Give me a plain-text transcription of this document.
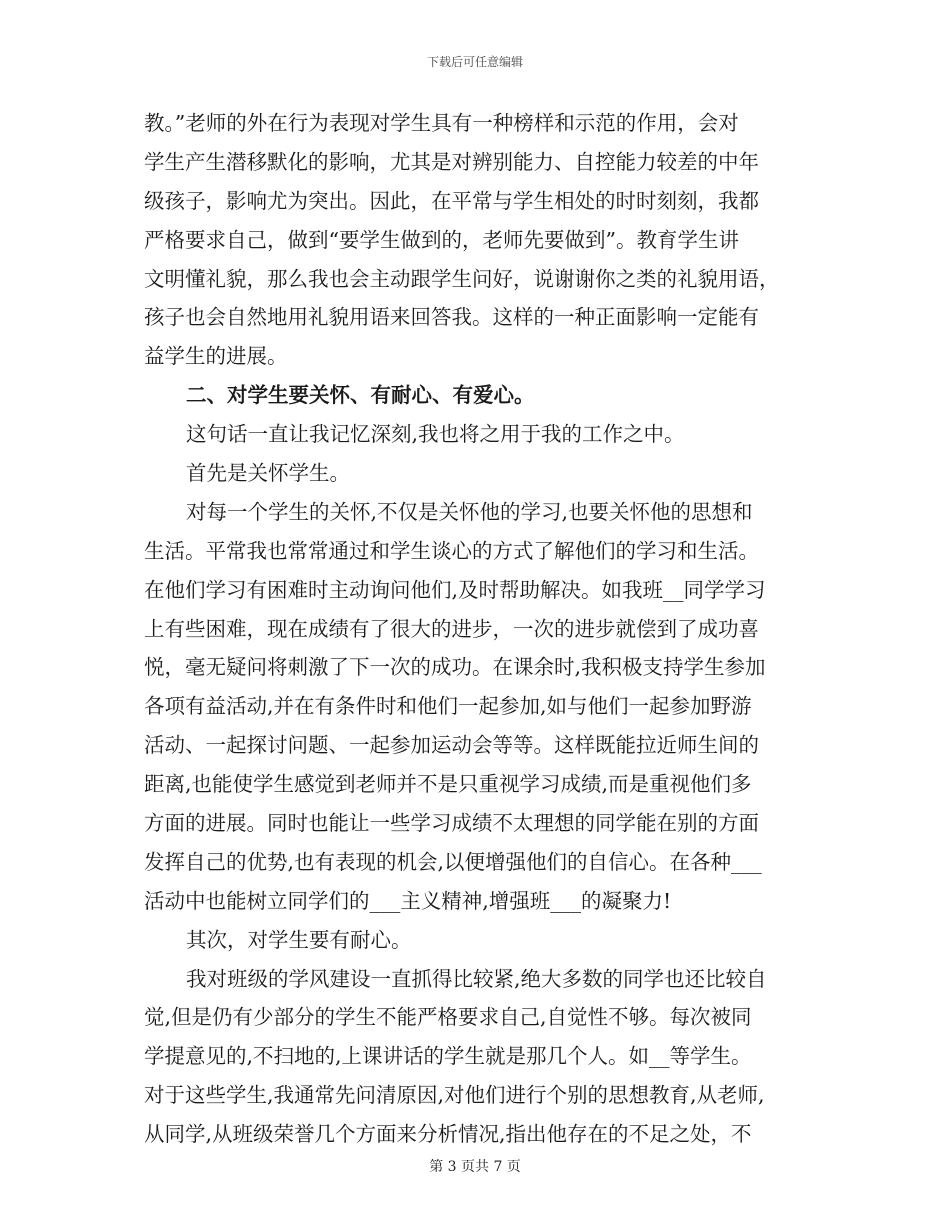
下载后可任意编辑
教。”老师的外在行为表现对学生具有一种榜样和示范的作用，会对
学生产生潜移默化的影响，尤其是对辨别能力、自控能力较差的中年
级孩子，影响尤为突出。因此，在平常与学生相处的时时刻刻，我都
严格要求自己，做到“要学生做到的，老师先要做到”。教育学生讲
文明懂礼貌，那么我也会主动跟学生问好，说谢谢你之类的礼貌用语，
孩子也会自然地用礼貌用语来回答我。这样的一种正面影响一定能有
益学生的进展。
二、对学生要关怀、有耐心、有爱心。
这句话一直让我记忆深刻,我也将之用于我的工作之中。
首先是关怀学生。
对每一个学生的关怀,不仅是关怀他的学习,也要关怀他的思想和
生活。平常我也常常通过和学生谈心的方式了解他们的学习和生活。
在他们学习有困难时主动询问他们,及时帮助解决。如我班__同学学习
上有些困难，现在成绩有了很大的进步，一次的进步就偿到了成功喜
悦，毫无疑问将刺激了下一次的成功。在课余时,我积极支持学生参加
各项有益活动,并在有条件时和他们一起参加,如与他们一起参加野游
活动、一起探讨问题、一起参加运动会等等。这样既能拉近师生间的
距离,也能使学生感觉到老师并不是只重视学习成绩,而是重视他们多
方面的进展。同时也能让一些学习成绩不太理想的同学能在别的方面
发挥自己的优势,也有表现的机会,以便增强他们的自信心。在各种___
活动中也能树立同学们的___主义精神,增强班___的凝聚力!
其次，对学生要有耐心。
我对班级的学风建设一直抓得比较紧,绝大多数的同学也还比较自
觉,但是仍有少部分的学生不能严格要求自己,自觉性不够。每次被同
学提意见的,不扫地的,上课讲话的学生就是那几个人。如__等学生。
对于这些学生,我通常先问清原因,对他们进行个别的思想教育,从老师,
从同学,从班级荣誉几个方面来分析情况,指出他存在的不足之处，不
第 3 页共 7 页
